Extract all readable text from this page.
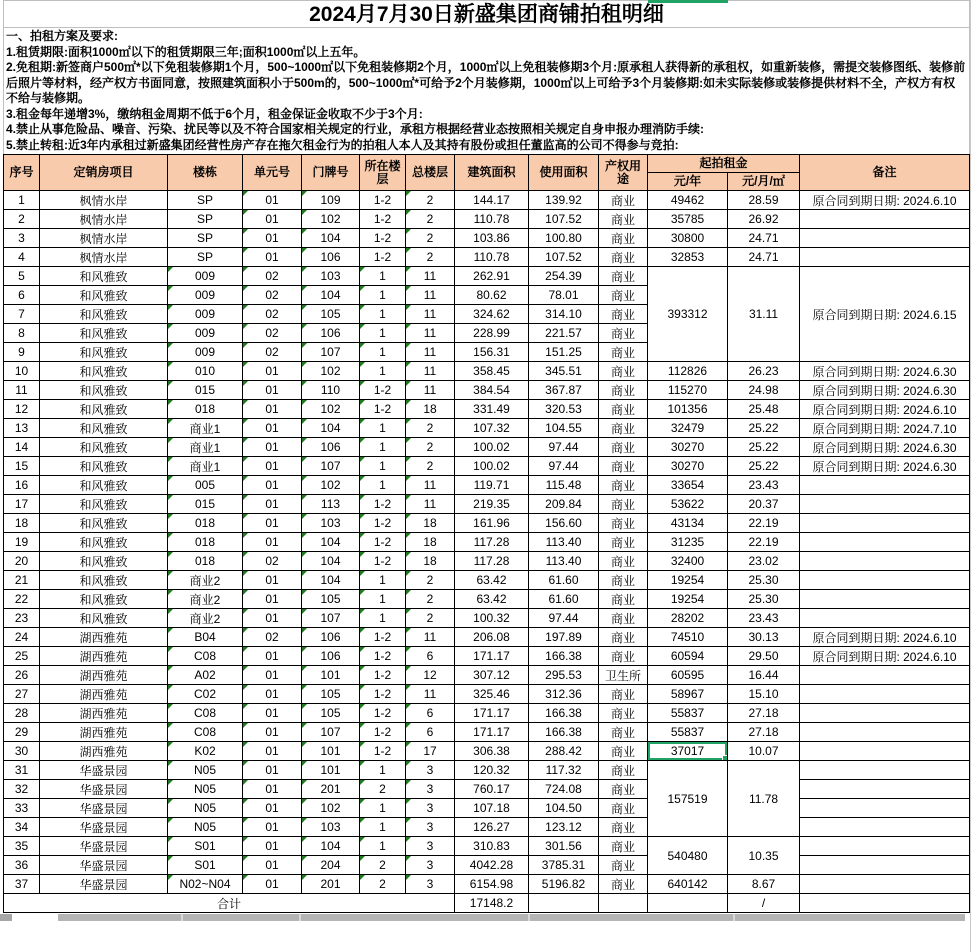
2024月7月30日新盛集团商铺拍租明细
一、拍租方案及要求:
1.租赁期限:面积1000㎡以下的租赁期限三年;面积1000㎡以上五年。
2.免租期:新签商户500㎡*以下免租装修期1个月，500~1000㎡以下免租装修期2个月，1000㎡以上免租装修期3个月:原承租人获得新的承租权，如重新装修，需提交装修图纸、装修前后照片等材料，经产权方书面同意，按照建筑面积小于500m的，500~1000㎡*可给予2个月装修期，1000㎡以上可给予3个月装修期:如未实际装修或装修提供材料不全，产权方有权不给与装修期。
3.租金每年递增3%，缴纳租金周期不低于6个月，租金保证金收取不少于3个月:
4.禁止从事危险品、噪音、污染、扰民等以及不符合国家相关规定的行业，承租方根据经营业态按照相关规定自身申报办理消防手续:
5.禁止转租:近3年内承租过新盛集团经营性房产存在拖欠租金行为的拍租人本人及其持有股份或担任董监高的公司不得参与竞拍:
序号	定销房项目	楼栋	单元号	门牌号	所在楼层	总楼层	建筑面积	使用面积	产权用途	起拍租金		备注
										元/年	元/月/㎡	
1	枫情水岸	SP	01	109	1-2	2	144.17	139.92	商业	49462	28.59	原合同到期日期: 2024.6.10
2	枫情水岸	SP	01	102	1-2	2	110.78	107.52	商业	35785	26.92	
3	枫情水岸	SP	01	104	1-2	2	103.86	100.80	商业	30800	24.71	
4	枫情水岸	SP	01	106	1-2	2	110.78	107.52	商业	32853	24.71	
5	和风雅致	009	02	103	1	11	262.91	254.39	商业	393312	31.11	原合同到期日期: 2024.6.15
6	和风雅致	009	02	104	1	11	80.62	78.01	商业			
7	和风雅致	009	02	105	1	11	324.62	314.10	商业			
8	和风雅致	009	02	106	1	11	228.99	221.57	商业			
9	和风雅致	009	02	107	1	11	156.31	151.25	商业			
10	和风雅致	010	01	102	1	11	358.45	345.51	商业	112826	26.23	原合同到期日期: 2024.6.30
11	和风雅致	015	01	110	1-2	11	384.54	367.87	商业	115270	24.98	原合同到期日期: 2024.6.30
12	和风雅致	018	01	102	1-2	18	331.49	320.53	商业	101356	25.48	原合同到期日期: 2024.6.10
13	和风雅致	商业1	01	104	1	2	107.32	104.55	商业	32479	25.22	原合同到期日期: 2024.7.10
14	和风雅致	商业1	01	106	1	2	100.02	97.44	商业	30270	25.22	原合同到期日期: 2024.6.30
15	和风雅致	商业1	01	107	1	2	100.02	97.44	商业	30270	25.22	原合同到期日期: 2024.6.30
16	和风雅致	005	01	102	1	11	119.71	115.48	商业	33654	23.43	
17	和风雅致	015	01	113	1-2	11	219.35	209.84	商业	53622	20.37	
18	和风雅致	018	01	103	1-2	18	161.96	156.60	商业	43134	22.19	
19	和风雅致	018	01	104	1-2	18	117.28	113.40	商业	31235	22.19	
20	和风雅致	018	02	104	1-2	18	117.28	113.40	商业	32400	23.02	
21	和风雅致	商业2	01	104	1	2	63.42	61.60	商业	19254	25.30	
22	和风雅致	商业2	01	105	1	2	63.42	61.60	商业	19254	25.30	
23	和风雅致	商业2	01	107	1	2	100.32	97.44	商业	28202	23.43	
24	湖西雅苑	B04	02	106	1-2	11	206.08	197.89	商业	74510	30.13	原合同到期日期: 2024.6.10
25	湖西雅苑	C08	01	106	1-2	6	171.17	166.38	商业	60594	29.50	原合同到期日期: 2024.6.10
26	湖西雅苑	A02	01	101	1-2	12	307.12	295.53	卫生所	60595	16.44	
27	湖西雅苑	C02	01	105	1-2	11	325.46	312.36	商业	58967	15.10	
28	湖西雅苑	C08	01	105	1-2	6	171.17	166.38	商业	55837	27.18	
29	湖西雅苑	C08	01	107	1-2	6	171.17	166.38	商业	55837	27.18	
30	湖西雅苑	K02	01	101	1-2	17	306.38	288.42	商业	37017	10.07	
31	华盛景园	N05	01	101	1	3	120.32	117.32	商业	157519	11.78	
32	华盛景园	N05	01	201	2	3	760.17	724.08	商业			
33	华盛景园	N05	01	102	1	3	107.18	104.50	商业			
34	华盛景园	N05	01	103	1	3	126.27	123.12	商业			
35	华盛景园	S01	01	104	1	3	310.83	301.56	商业	540480	10.35	
36	华盛景园	S01	01	204	2	3	4042.28	3785.31	商业			
37	华盛景园	N02~N04	01	201	2	3	6154.98	5196.82	商业	640142	8.67	
合计							17148.2				/	
